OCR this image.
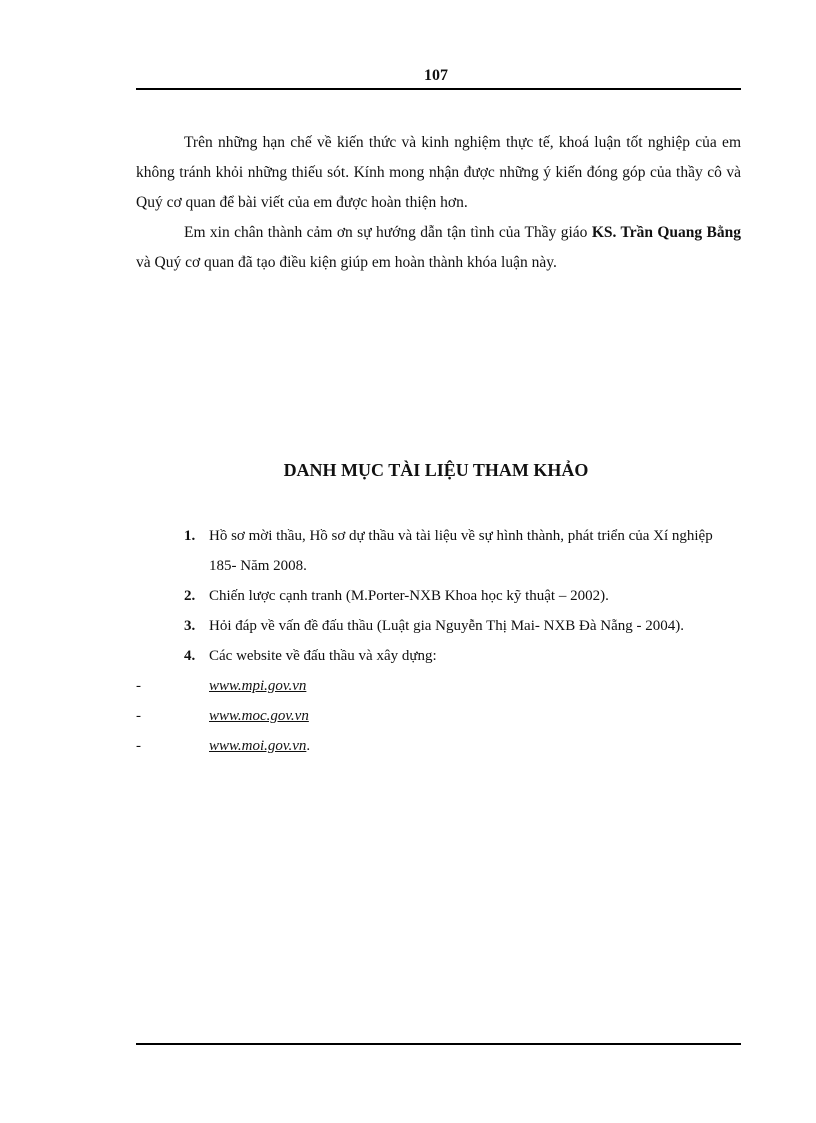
107

Trên những hạn chế về kiến thức và kinh nghiệm thực tế, khoá luận tốt nghiệp của em không tránh khỏi những thiếu sót. Kính mong nhận được những ý kiến đóng góp của thầy cô và Quý cơ quan để bài viết của em được hoàn thiện hơn.

Em xin chân thành cảm ơn sự hướng dẫn tận tình của Thầy giáo KS. Trần Quang Bằng và Quý cơ quan đã tạo điều kiện giúp em hoàn thành khóa luận này.

DANH MỤC TÀI LIỆU THAM KHẢO
1. Hồ sơ mời thầu, Hồ sơ dự thầu và tài liệu về sự hình thành, phát triển của Xí nghiệp 185- Năm 2008.
2. Chiến lược cạnh tranh (M.Porter-NXB Khoa học kỹ thuật – 2002).
3. Hỏi đáp về vấn đề đấu thầu (Luật gia Nguyễn Thị Mai- NXB Đà Nẵng - 2004).
4. Các website về đấu thầu và xây dựng:
-	www.mpi.gov.vn
-	www.moc.gov.vn
-	www.moi.gov.vn.
